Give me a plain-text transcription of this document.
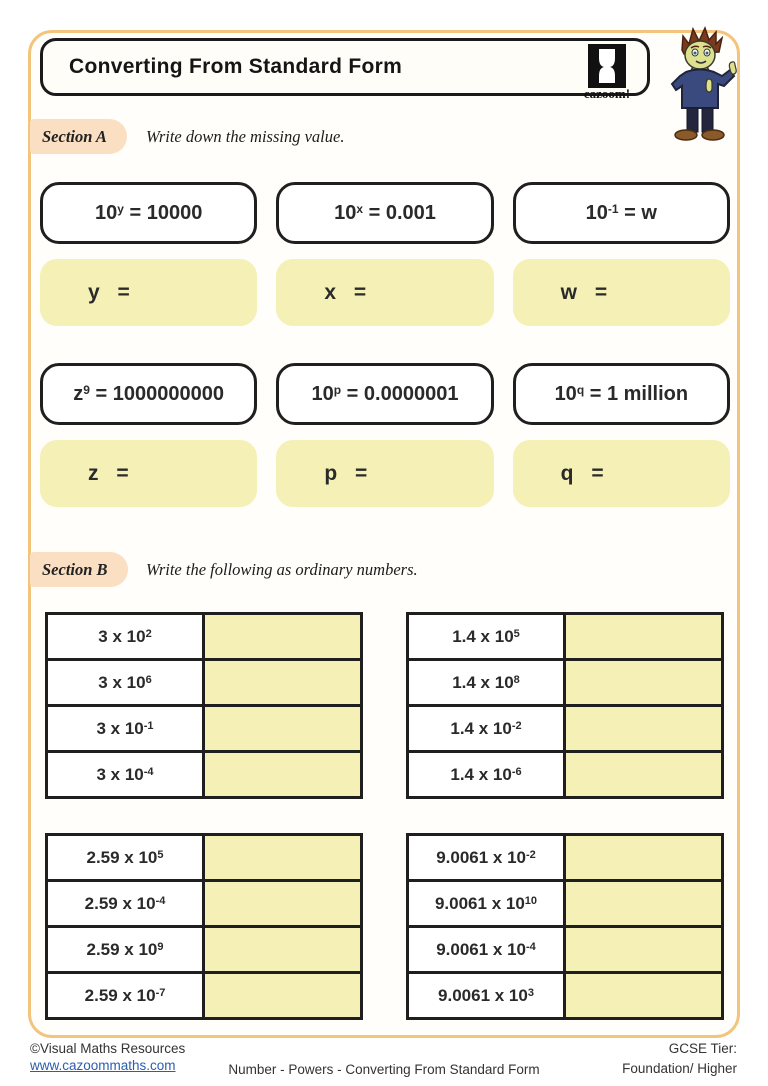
Converting From Standard Form
cazoom!
Section A Write down the missing value.
$10^y = 10000$	$10^x = 0.001$	$10^{-1} = w$
y =	x =	w =
$z^9 = 1000000000$	$10^p = 0.0000001$	$10^q = 1$ million
z =	p =	q =
Section B Write the following as ordinary numbers.
3 x $10^2$	
3 x $10^6$	
3 x $10^{-1}$	
3 x $10^{-4}$	
1.4 x $10^5$	
1.4 x $10^8$	
1.4 x $10^{-2}$	
1.4 x $10^{-6}$	
2.59 x $10^5$	
2.59 x $10^{-4}$	
2.59 x $10^9$	
2.59 x $10^{-7}$	
9.0061 x $10^{-2}$	
9.0061 x $10^{10}$	
9.0061 x $10^{-4}$	
9.0061 x $10^3$	
©Visual Maths Resources
www.cazoommaths.com	Number - Powers - Converting From Standard Form
GCSE Tier:
Foundation/ Higher
